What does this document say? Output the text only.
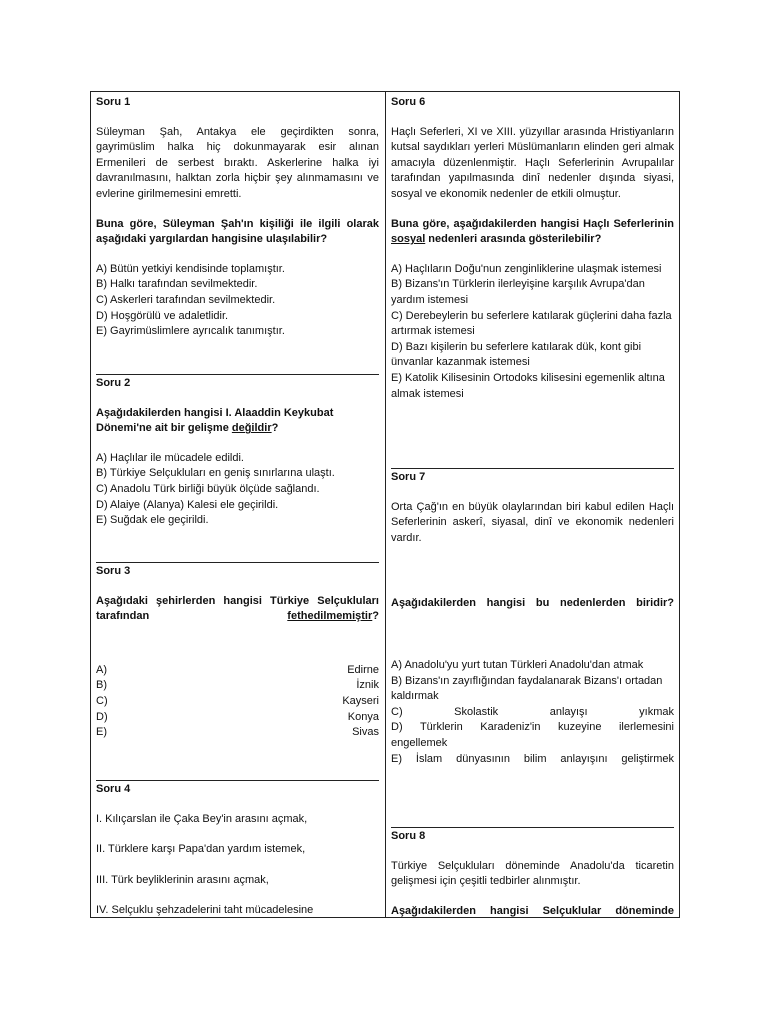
Soru 1

Süleyman Şah, Antakya ele geçirdikten sonra, gayrimüslim halka hiç dokunmayarak esir alınan Ermenileri de serbest bıraktı. Askerlerine halka iyi davranılmasını, halktan zorla hiçbir şey alınmamasını ve evlerine girilmemesini emretti.

Buna göre, Süleyman Şah'ın kişiliği ile ilgili olarak aşağıdaki yargılardan hangisine ulaşılabilir?

A) Bütün yetkiyi kendisinde toplamıştır.

B) Halkı tarafından sevilmektedir.

C) Askerleri tarafından sevilmektedir.

D) Hoşgörülü ve adaletlidir.

E) Gayrimüslimlere ayrıcalık tanımıştır.

Soru 2

Aşağıdakilerden hangisi I. Alaaddin Keykubat Dönemi'ne ait bir gelişme değildir?

A) Haçlılar ile mücadele edildi.

B) Türkiye Selçukluları en geniş sınırlarına ulaştı.

C) Anadolu Türk birliği büyük ölçüde sağlandı.

D) Alaiye (Alanya) Kalesi ele geçirildi.

E) Suğdak ele geçirildi.

Soru 3

Aşağıdaki şehirlerden hangisi Türkiye Selçukluları

tarafından	fethedilmemiştir?

A)	Edirne

B)	İznik

C)	Kayseri

D)	Konya

E)	Sivas

Soru 4

I. Kılıçarslan ile Çaka Bey'in arasını açmak,

II. Türklere karşı Papa'dan yardım istemek,

III. Türk beyliklerinin arasını açmak,

IV. Selçuklu şehzadelerini taht mücadelesine

Soru 6

Haçlı Seferleri, XI ve XIII. yüzyıllar arasında Hristiyanların kutsal saydıkları yerleri Müslümanların elinden geri almak amacıyla düzenlenmiştir. Haçlı Seferlerinin Avrupalılar tarafından yapılmasında dinî nedenler dışında siyasi, sosyal ve ekonomik nedenler de etkili olmuştur.

Buna göre, aşağıdakilerden hangisi Haçlı Seferlerinin sosyal nedenleri arasında gösterilebilir?

A) Haçlıların Doğu'nun zenginliklerine ulaşmak istemesi

B) Bizans'ın Türklerin ilerleyişine karşılık Avrupa'dan yardım istemesi

C) Derebeylerin bu seferlere katılarak güçlerini daha fazla artırmak istemesi

D) Bazı kişilerin bu seferlere katılarak dük, kont gibi ünvanlar kazanmak istemesi

E) Katolik Kilisesinin Ortodoks kilisesini egemenlik altına almak istemesi

Soru 7

Orta Çağ'ın en büyük olaylarından biri kabul edilen Haçlı Seferlerinin askerî, siyasal, dinî ve ekonomik nedenleri vardır.

Aşağıdakilerden hangisi bu nedenlerden biridir?

A) Anadolu'yu yurt tutan Türkleri Anadolu'dan atmak

B) Bizans'ın zayıflığından faydalanarak Bizans'ı ortadan kaldırmak

C) Skolastik anlayışı yıkmak

D) Türklerin Karadeniz'in kuzeyine ilerlemesini engellemek

E) İslam dünyasının bilim anlayışını geliştirmek

Soru 8

Türkiye Selçukluları döneminde Anadolu'da ticaretin gelişmesi için çeşitli tedbirler alınmıştır.

Aşağıdakilerden hangisi Selçuklular döneminde
